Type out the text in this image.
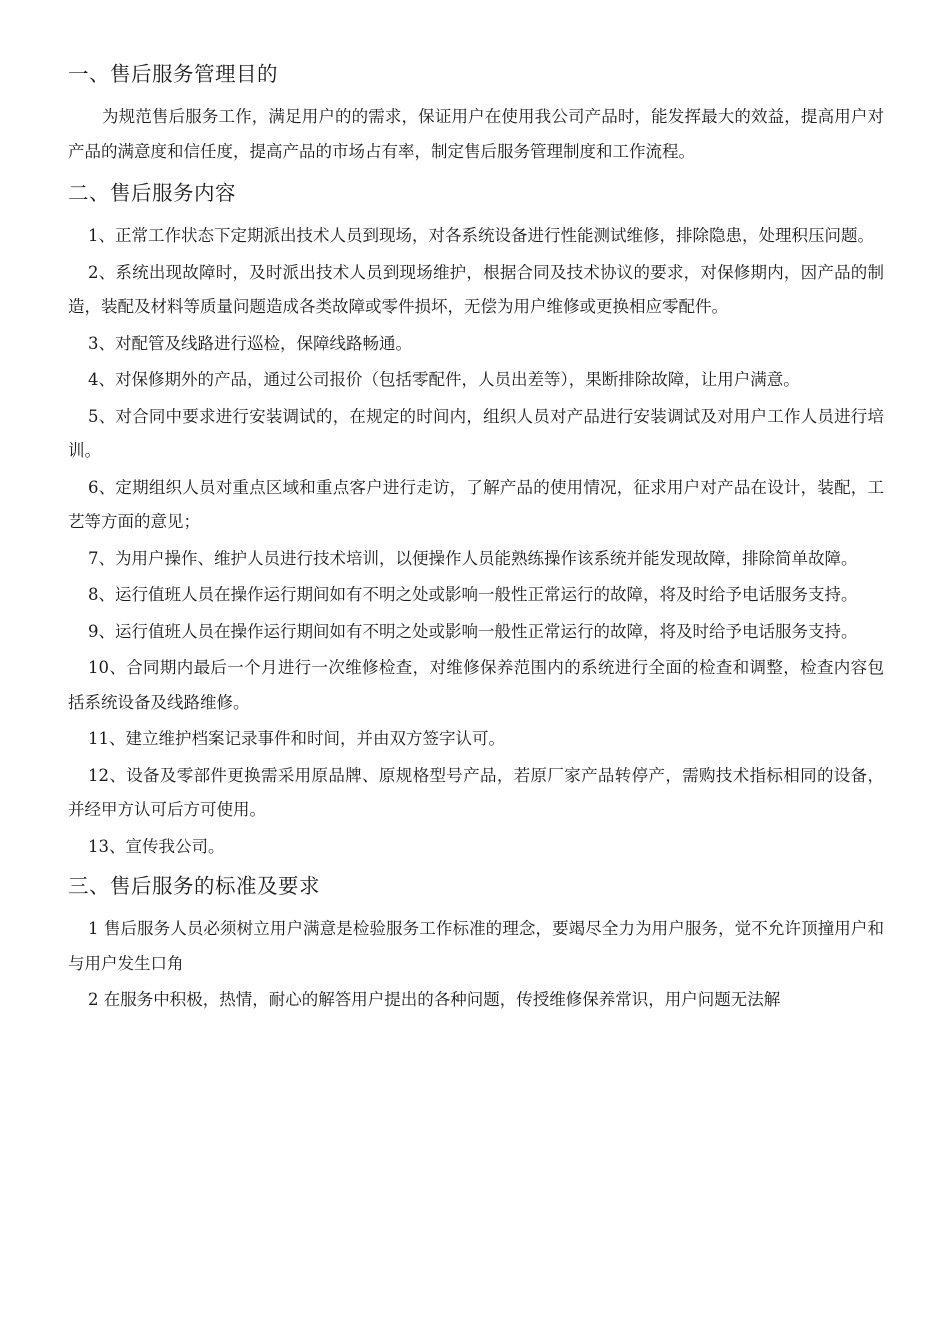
一、售后服务管理目的

为规范售后服务工作，满足用户的的需求，保证用户在使用我公司产品时，能发挥最大的效益，提高用户对产品的满意度和信任度，提高产品的市场占有率，制定售后服务管理制度和工作流程。

二、售后服务内容

1、正常工作状态下定期派出技术人员到现场，对各系统设备进行性能测试维修，排除隐患，处理积压问题。

2、系统出现故障时，及时派出技术人员到现场维护，根据合同及技术协议的要求，对保修期内，因产品的制造，装配及材料等质量问题造成各类故障或零件损坏，无偿为用户维修或更换相应零配件。

3、对配管及线路进行巡检，保障线路畅通。

4、对保修期外的产品，通过公司报价（包括零配件，人员出差等），果断排除故障，让用户满意。

5、对合同中要求进行安装调试的，在规定的时间内，组织人员对产品进行安装调试及对用户工作人员进行培训。

6、定期组织人员对重点区域和重点客户进行走访，了解产品的使用情况，征求用户对产品在设计，装配，工艺等方面的意见；

7、为用户操作、维护人员进行技术培训，以便操作人员能熟练操作该系统并能发现故障，排除简单故障。

8、运行值班人员在操作运行期间如有不明之处或影响一般性正常运行的故障，将及时给予电话服务支持。

9、运行值班人员在操作运行期间如有不明之处或影响一般性正常运行的故障，将及时给予电话服务支持。

10、合同期内最后一个月进行一次维修检查，对维修保养范围内的系统进行全面的检查和调整，检查内容包括系统设备及线路维修。

11、建立维护档案记录事件和时间，并由双方签字认可。

12、设备及零部件更换需采用原品牌、原规格型号产品，若原厂家产品转停产，需购技术指标相同的设备，并经甲方认可后方可使用。

13、宣传我公司。

三、售后服务的标准及要求

1 售后服务人员必须树立用户满意是检验服务工作标准的理念，要竭尽全力为用户服务，觉不允许顶撞用户和与用户发生口角

2 在服务中积极，热情，耐心的解答用户提出的各种问题，传授维修保养常识，用户问题无法解
